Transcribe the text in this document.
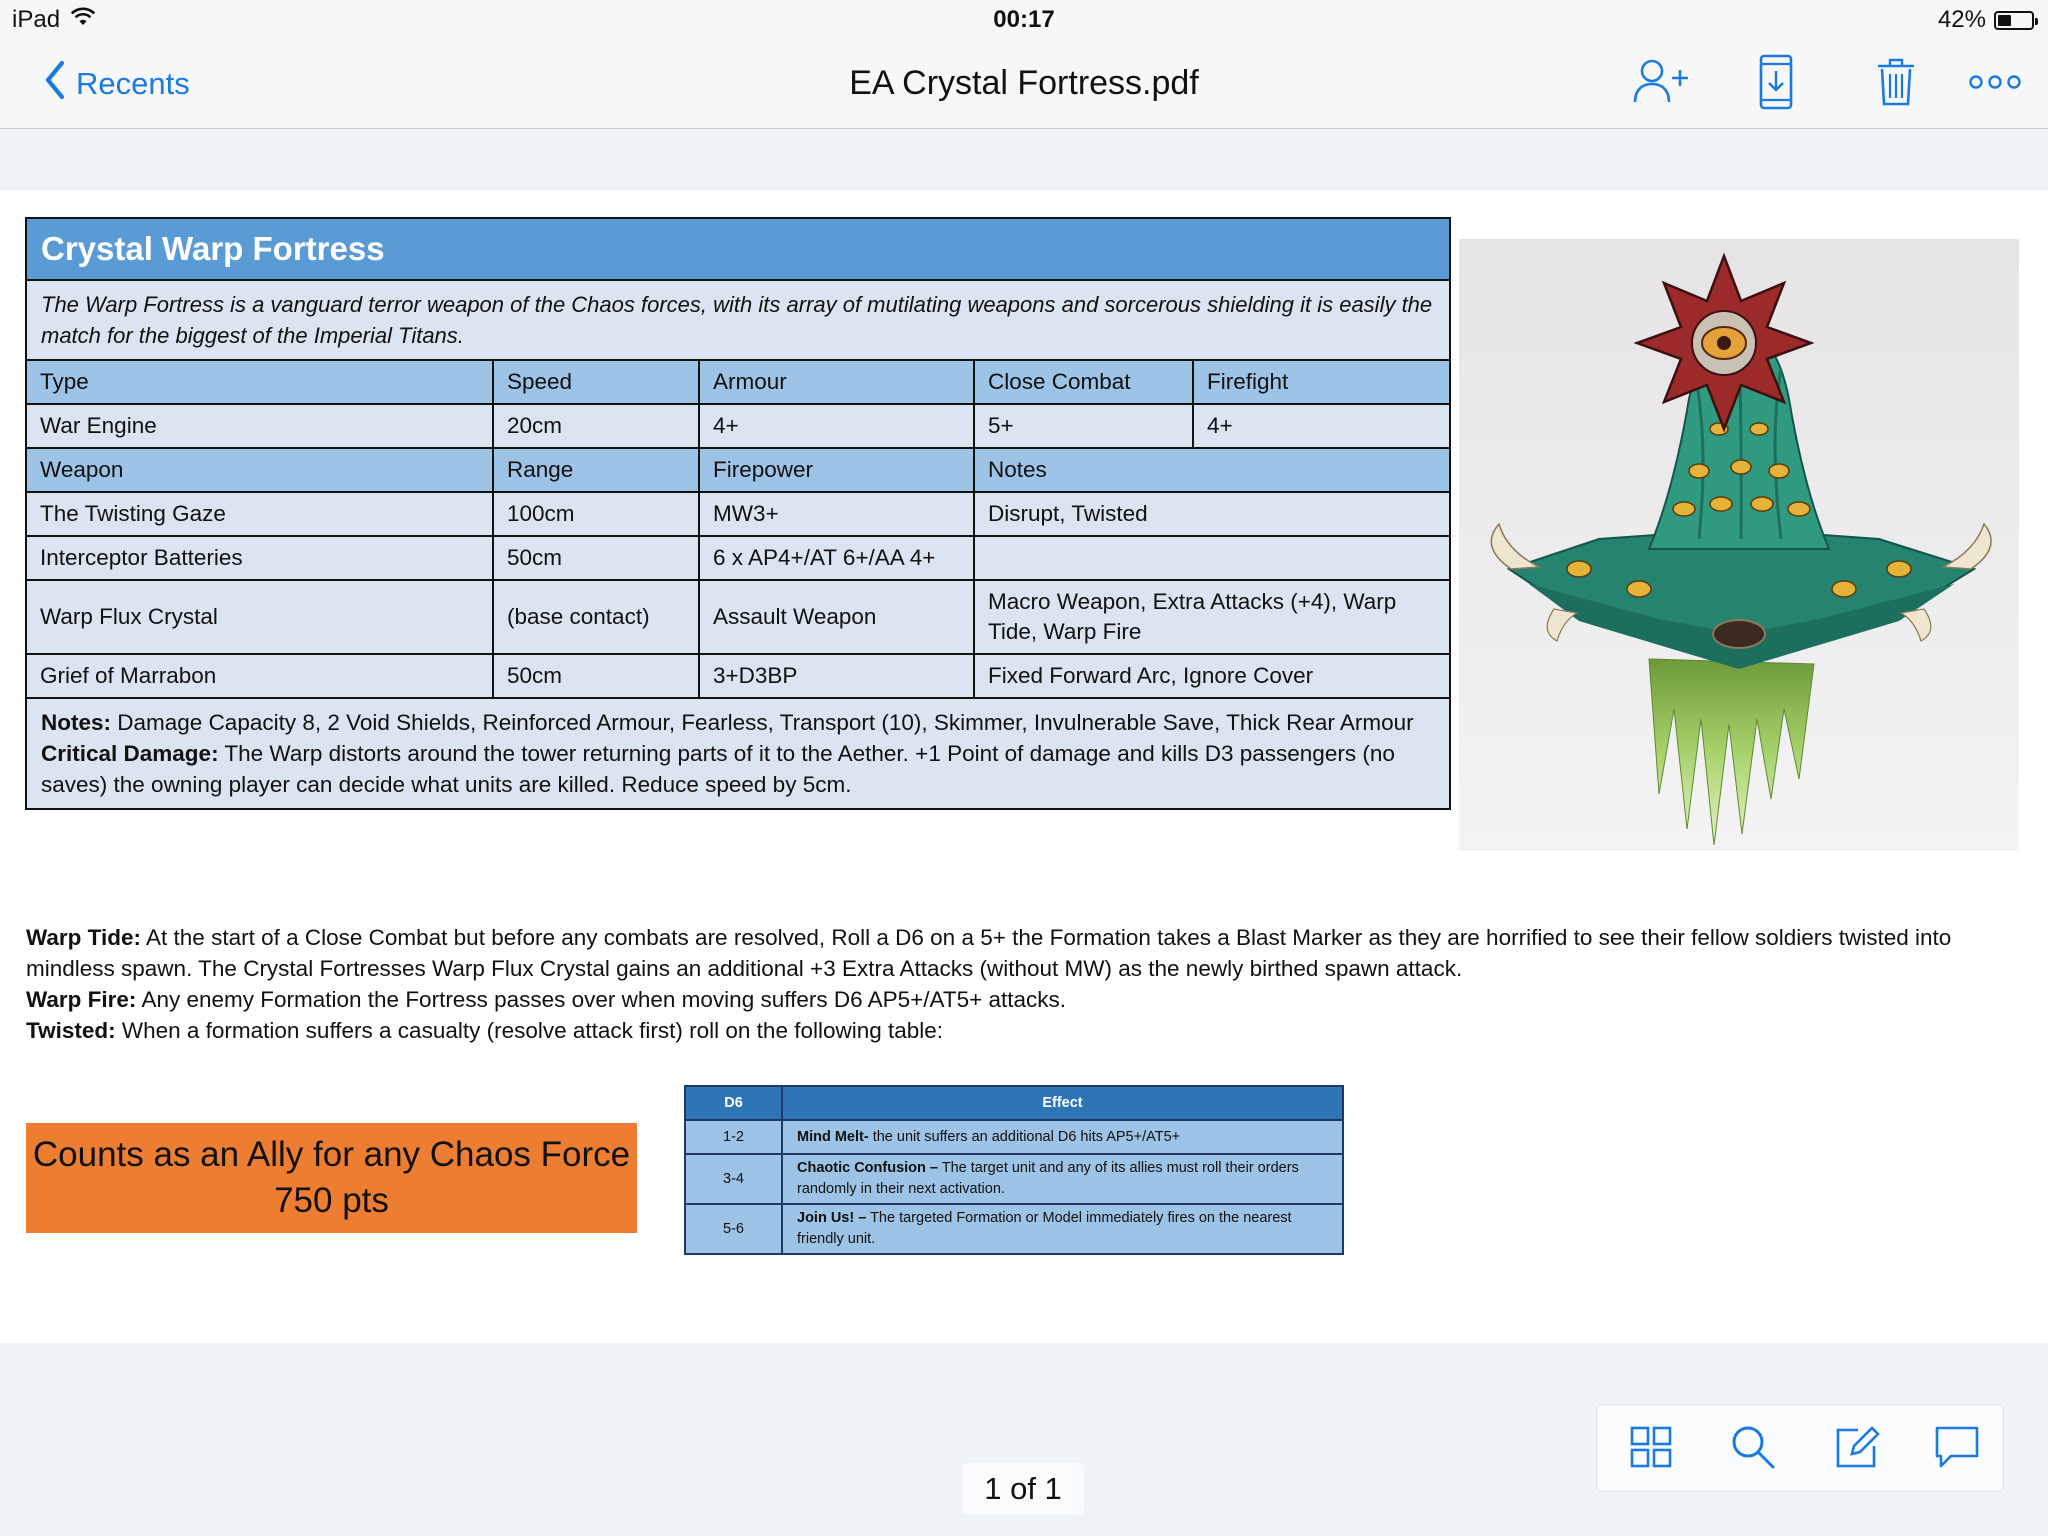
iPad	00:17	42%
Recents	EA Crystal Fortress.pdf
Crystal Warp Fortress				
The Warp Fortress is a vanguard terror weapon of the Chaos forces, with its array of mutilating weapons and sorcerous shielding it is easily the match for the biggest of the Imperial Titans.				
Type	Speed	Armour	Close Combat	Firefight
War Engine	20cm	4+	5+	4+
Weapon	Range	Firepower	Notes	
The Twisting Gaze	100cm	MW3+	Disrupt, Twisted	
Interceptor Batteries	50cm	6 x AP4+/AT 6+/AA 4+		
Warp Flux Crystal	(base contact)	Assault Weapon	Macro Weapon, Extra Attacks (+4), Warp Tide, Warp Fire	
Grief of Marrabon	50cm	3+D3BP	Fixed Forward Arc, Ignore Cover	
Notes: Damage Capacity 8, 2 Void Shields, Reinforced Armour, Fearless, Transport (10), Skimmer, Invulnerable Save, Thick Rear Armour
Critical Damage: The Warp distorts around the tower returning parts of it to the Aether. +1 Point of damage and kills D3 passengers (no saves) the owning player can decide what units are killed. Reduce speed by 5cm.				

Warp Tide: At the start of a Close Combat but before any combats are resolved, Roll a D6 on a 5+ the Formation takes a Blast Marker as they are horrified to see their fellow soldiers twisted into mindless spawn. The Crystal Fortresses Warp Flux Crystal gains an additional +3 Extra Attacks (without MW) as the newly birthed spawn attack.

Warp Fire: Any enemy Formation the Fortress passes over when moving suffers D6 AP5+/AT5+ attacks.

Twisted: When a formation suffers a casualty (resolve attack first) roll on the following table:

Counts as an Ally for any Chaos Force
750 pts
D6	Effect
1-2	Mind Melt- the unit suffers an additional D6 hits AP5+/AT5+
3-4	Chaotic Confusion – The target unit and any of its allies must roll their orders randomly in their next activation.
5-6	Join Us! – The targeted Formation or Model immediately fires on the nearest friendly unit.
1 of 1
